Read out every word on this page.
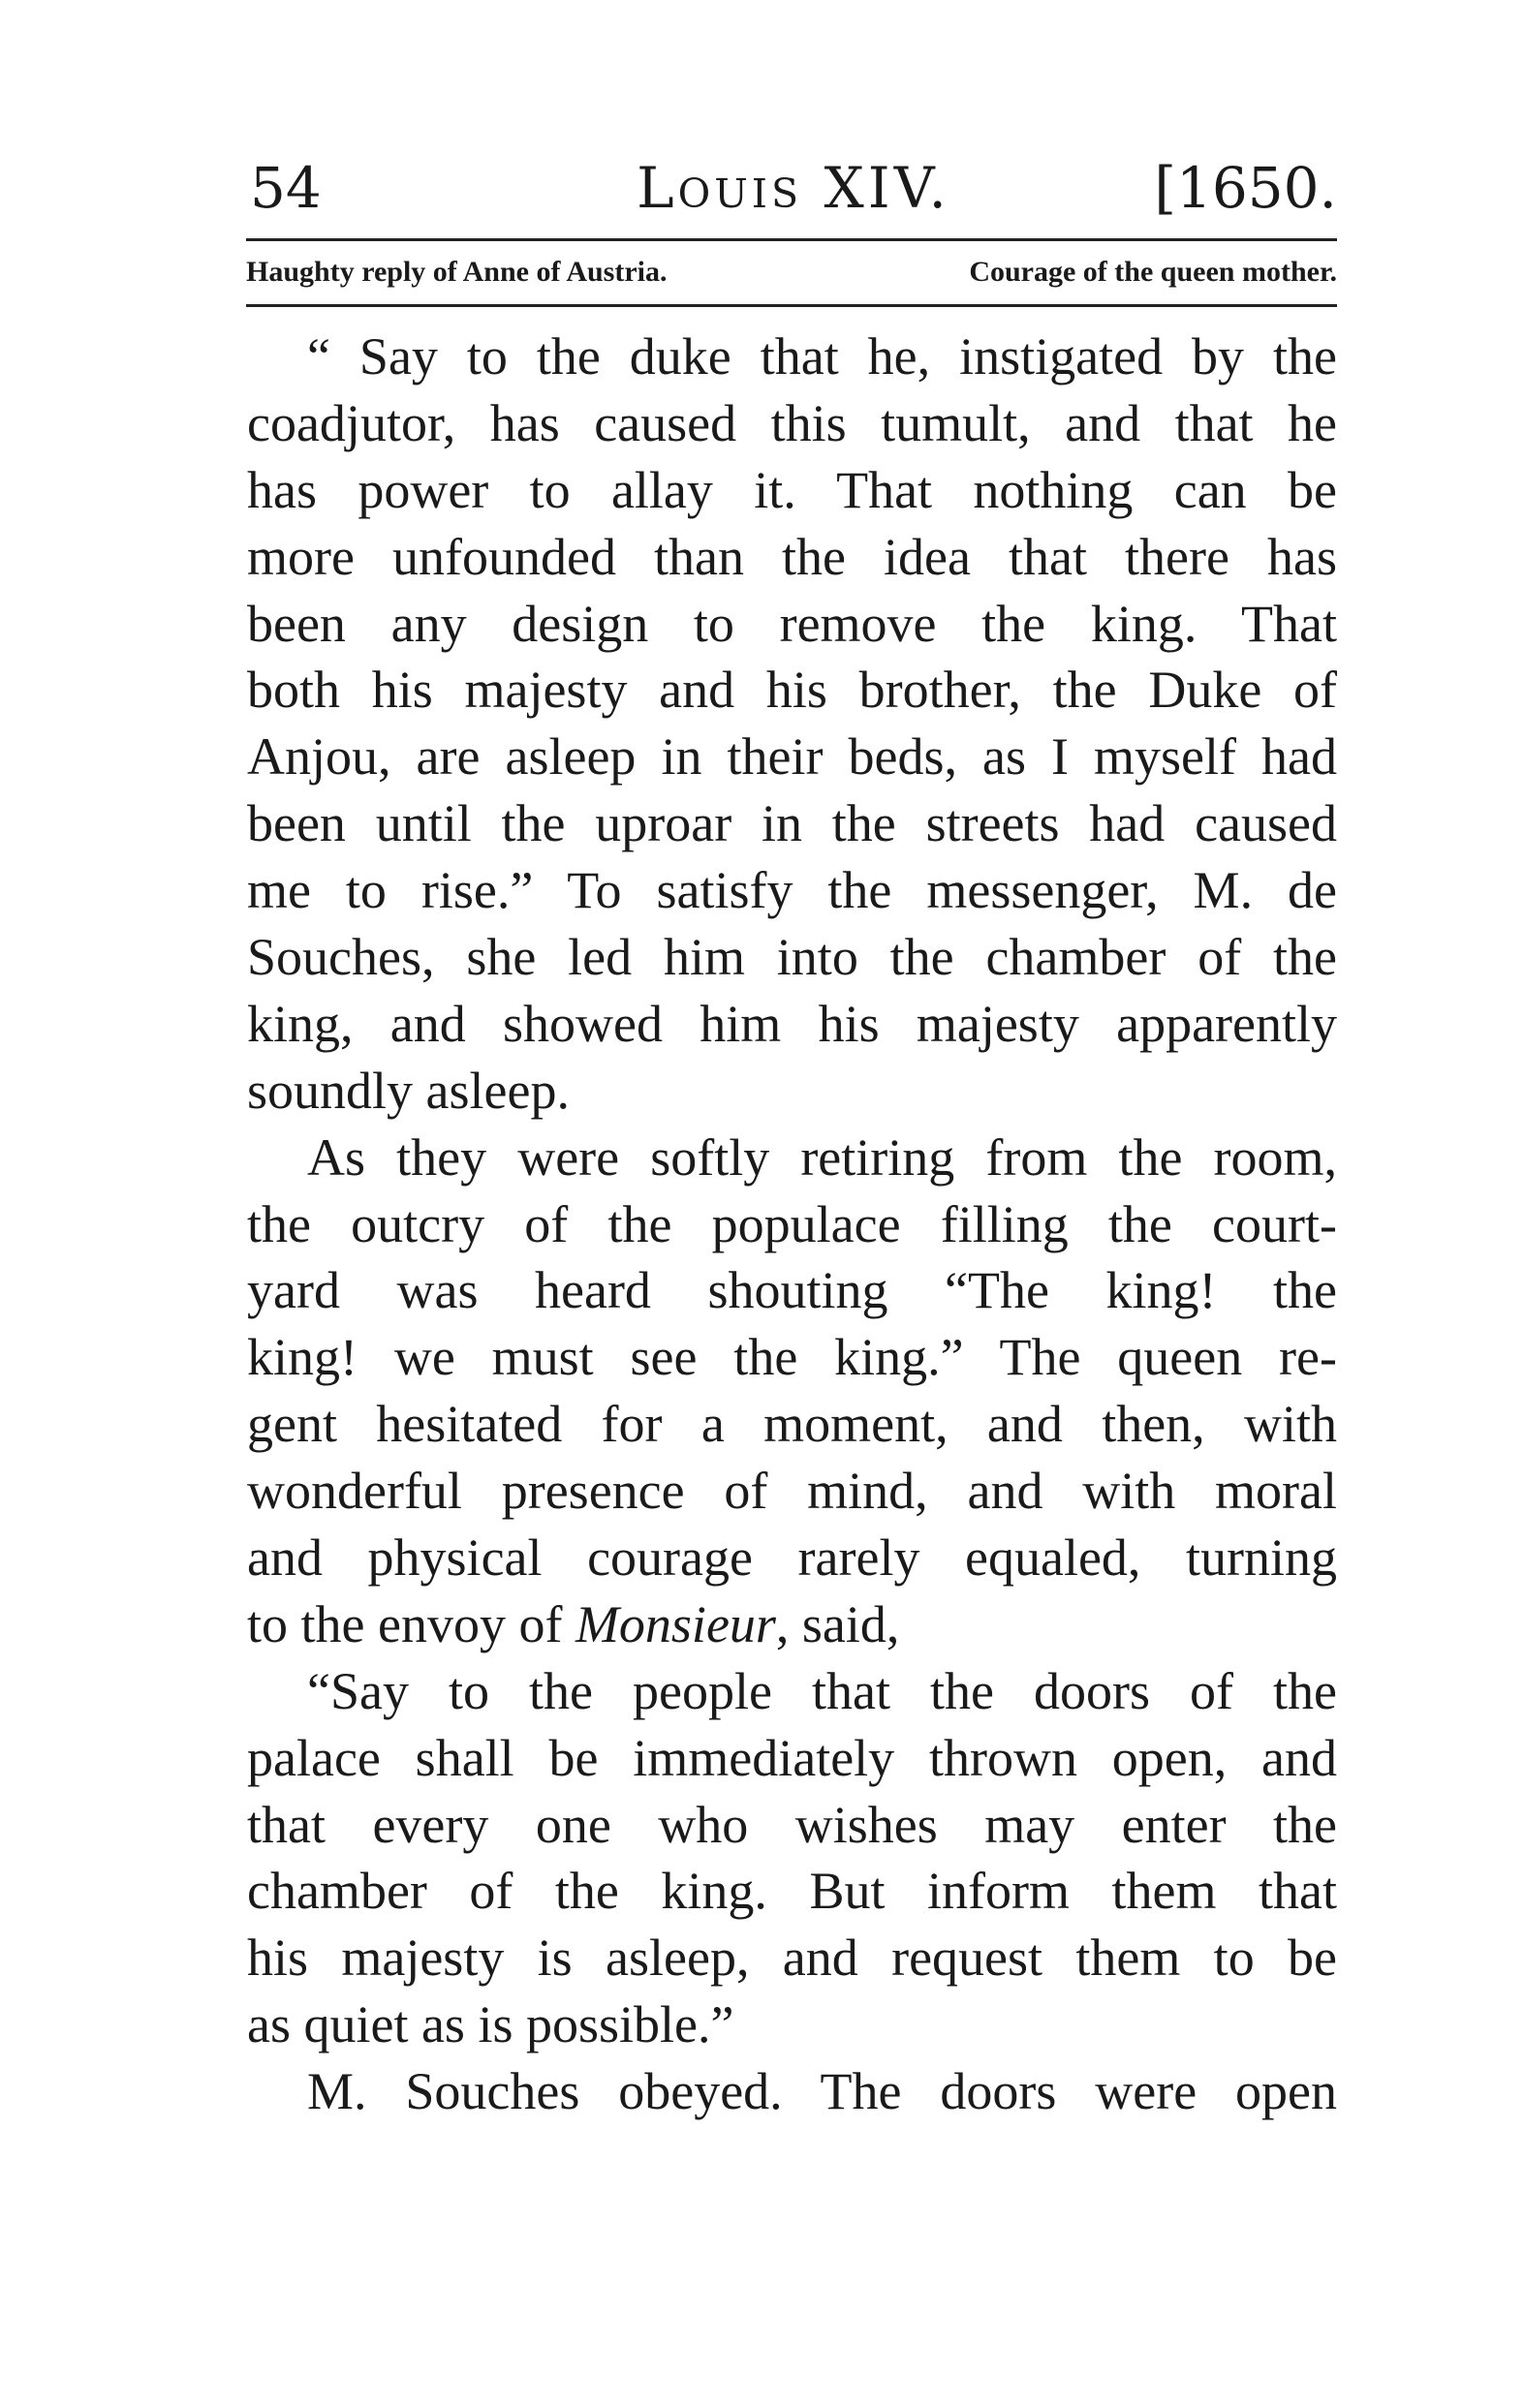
54	Louis XIV.	[1650.
Haughty reply of Anne of Austria.	Courage of the queen mother.
“ Say to the duke that he, instigated by the
coadjutor, has caused this tumult, and that he
has power to allay it. That nothing can be
more unfounded than the idea that there has
been any design to remove the king. That
both his majesty and his brother, the Duke of
Anjou, are asleep in their beds, as I myself had
been until the uproar in the streets had caused
me to rise.” To satisfy the messenger, M. de
Souches, she led him into the chamber of the
king, and showed him his majesty apparently
soundly asleep.
As they were softly retiring from the room,
the outcry of the populace filling the court-
yard was heard shouting “The king! the
king! we must see the king.” The queen re-
gent hesitated for a moment, and then, with
wonderful presence of mind, and with moral
and physical courage rarely equaled, turning
to the envoy of Monsieur, said,
“Say to the people that the doors of the
palace shall be immediately thrown open, and
that every one who wishes may enter the
chamber of the king. But inform them that
his majesty is asleep, and request them to be
as quiet as is possible.”
M. Souches obeyed. The doors were open
